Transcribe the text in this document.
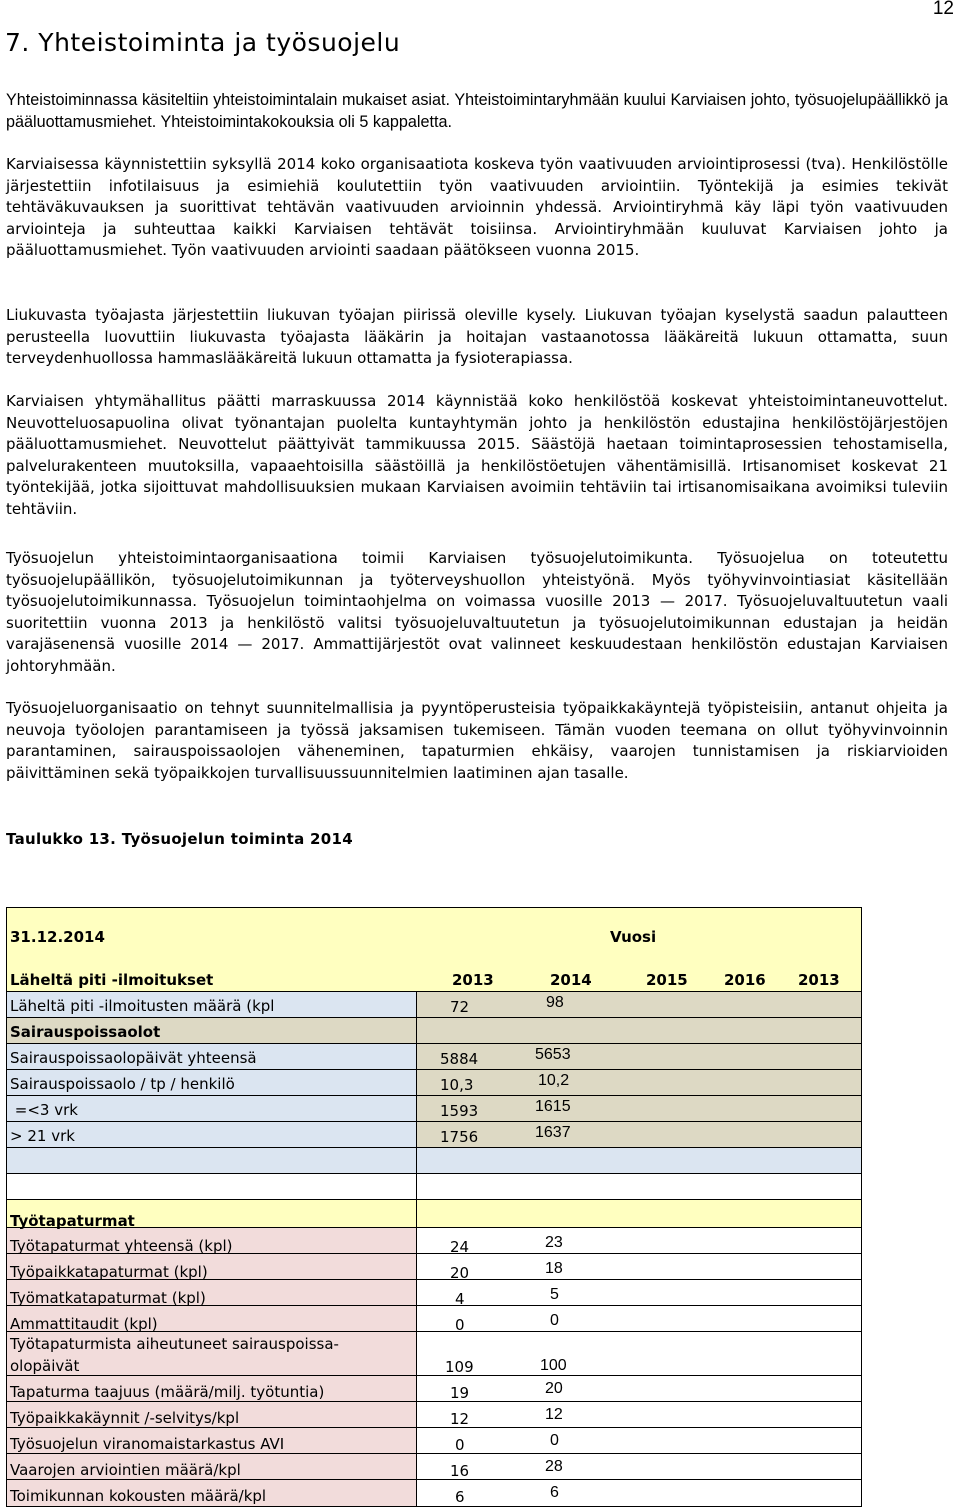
12
7. Yhteistoiminta ja työsuojelu

Yhteistoiminnassa käsiteltiin yhteistoimintalain mukaiset asiat. Yhteistoimintaryhmään kuului Karviaisen johto, työsuojelupäällikkö ja pääluottamusmiehet. Yhteistoimintakokouksia oli 5 kappaletta.

Karviaisessa käynnistettiin syksyllä 2014 koko organisaatiota koskeva työn vaativuuden arviointiprosessi (tva). Henkilöstölle järjestettiin infotilaisuus ja esimiehiä koulutettiin työn vaativuuden arviointiin. Työntekijä ja esimies tekivät tehtäväkuvauksen ja suorittivat tehtävän vaativuuden arvioinnin yhdessä. Arviointiryhmä käy läpi työn vaativuuden arviointeja ja suhteuttaa kaikki Karviaisen tehtävät toisiinsa. Arviointiryhmään kuuluvat Karviaisen johto ja pääluottamusmiehet. Työn vaativuuden arviointi saadaan päätökseen vuonna 2015.

Liukuvasta työajasta järjestettiin liukuvan työajan piirissä oleville kysely. Liukuvan työajan kyselystä saadun palautteen perusteella luovuttiin liukuvasta työajasta lääkärin ja hoitajan vastaanotossa lääkäreitä lukuun ottamatta, suun terveydenhuollossa hammaslääkäreitä lukuun ottamatta ja fysioterapiassa.

Karviaisen yhtymähallitus päätti marraskuussa 2014 käynnistää koko henkilöstöä koskevat yhteistoimintaneuvottelut. Neuvotteluosapuolina olivat työnantajan puolelta kuntayhtymän johto ja henkilöstön edustajina henkilöstöjärjestöjen pääluottamusmiehet. Neuvottelut päättyivät tammikuussa 2015. Säästöjä haetaan toimintaprosessien tehostamisella, palvelurakenteen muutoksilla, vapaaehtoisilla säästöillä ja henkilöstöetujen vähentämisillä. Irtisanomiset koskevat 21 työntekijää, jotka sijoittuvat mahdollisuuksien mukaan Karviaisen avoimiin tehtäviin tai irtisanomisaikana avoimiksi tuleviin tehtäviin.

Työsuojelun yhteistoimintaorganisaationa toimii Karviaisen työsuojelutoimikunta. Työsuojelua on toteutettu työsuojelupäällikön, työsuojelutoimikunnan ja työterveyshuollon yhteistyönä. Myös työhyvinvointiasiat käsitellään työsuojelutoimikunnassa. Työsuojelun toimintaohjelma on voimassa vuosille 2013 — 2017. Työsuojeluvaltuutetun vaali suoritettiin vuonna 2013 ja henkilöstö valitsi työsuojeluvaltuutetun ja työsuojelutoimikunnan edustajan ja heidän varajäsenensä vuosille 2014 — 2017. Ammattijärjestöt ovat valinneet keskuudestaan henkilöstön edustajan Karviaisen johtoryhmään.

Työsuojeluorganisaatio on tehnyt suunnitelmallisia ja pyyntöperusteisia työpaikkakäyntejä työpisteisiin, antanut ohjeita ja neuvoja työolojen parantamiseen ja työssä jaksamisen tukemiseen. Tämän vuoden teemana on ollut työhyvinvoinnin parantaminen, sairauspoissaolojen väheneminen, tapaturmien ehkäisy, vaarojen tunnistamisen ja riskiarvioiden päivittäminen sekä työpaikkojen turvallisuussuunnitelmien laatiminen ajan tasalle.

Taulukko 13. Työsuojelun toiminta 2014
31.12.2014	Vuosi
Läheltä piti -ilmoitukset	2013	2014	2015 2016 2013
Läheltä piti -ilmoitusten määrä (kpl	72	98
Sairauspoissaolot
Sairauspoissaolopäivät yhteensä	5884	5653
Sairauspoissaolo / tp / henkilö	10,3	10,2
=<3 vrk	1593	1615
> 21 vrk	1756	1637
Työtapaturmat
Työtapaturmat yhteensä (kpl)	24	23
Työpaikkatapaturmat (kpl)	20	18
Työmatkatapaturmat (kpl)	4	5
Ammattitaudit (kpl)	0	0
Työtapaturmista aiheutuneet sairauspoissa-
olopäivät	109	100
Tapaturma taajuus (määrä/milj. työtuntia)	19	20
Työpaikkakäynnit /-selvitys/kpl	12	12
Työsuojelun viranomaistarkastus AVI	0	0
Vaarojen arviointien määrä/kpl	16	28
Toimikunnan kokousten määrä/kpl	6	6
